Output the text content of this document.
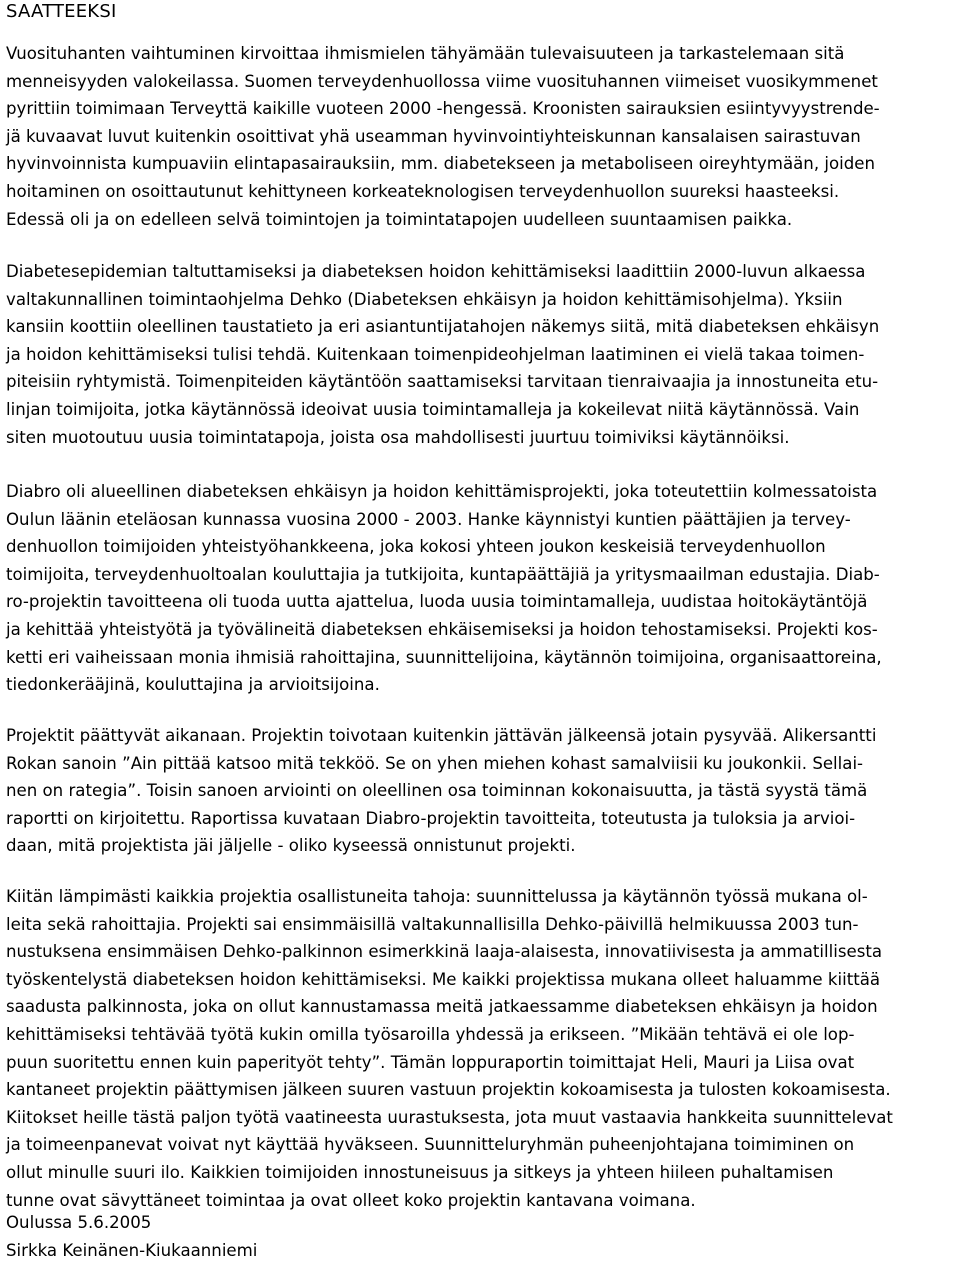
SAATTEEKSI

Vuosituhanten vaihtuminen kirvoittaa ihmismielen tähyämään tulevaisuuteen ja tarkastelemaan sitä
menneisyyden valokeilassa. Suomen terveydenhuollossa viime vuosituhannen viimeiset vuosikymmenet
pyrittiin toimimaan Terveyttä kaikille vuoteen 2000 -hengessä. Kroonisten sairauksien esiintyvyystrende-
jä kuvaavat luvut kuitenkin osoittivat yhä useamman hyvinvointiyhteiskunnan kansalaisen sairastuvan
hyvinvoinnista kumpuaviin elintapasairauksiin, mm. diabetekseen ja metaboliseen oireyhtymään, joiden
hoitaminen on osoittautunut kehittyneen korkeateknologisen terveydenhuollon suureksi haasteeksi.
Edessä oli ja on edelleen selvä toimintojen ja toimintatapojen uudelleen suuntaamisen paikka.

Diabetesepidemian taltuttamiseksi ja diabeteksen hoidon kehittämiseksi laadittiin 2000-luvun alkaessa
valtakunnallinen toimintaohjelma Dehko (Diabeteksen ehkäisyn ja hoidon kehittämisohjelma). Yksiin
kansiin koottiin oleellinen taustatieto ja eri asiantuntijatahojen näkemys siitä, mitä diabeteksen ehkäisyn
ja hoidon kehittämiseksi tulisi tehdä. Kuitenkaan toimenpideohjelman laatiminen ei vielä takaa toimen-
piteisiin ryhtymistä. Toimenpiteiden käytäntöön saattamiseksi tarvitaan tienraivaajia ja innostuneita etu-
linjan toimijoita, jotka käytännössä ideoivat uusia toimintamalleja ja kokeilevat niitä käytännössä. Vain
siten muotoutuu uusia toimintatapoja, joista osa mahdollisesti juurtuu toimiviksi käytännöiksi.

Diabro oli alueellinen diabeteksen ehkäisyn ja hoidon kehittämisprojekti, joka toteutettiin kolmessatoista
Oulun läänin eteläosan kunnassa vuosina 2000 - 2003. Hanke käynnistyi kuntien päättäjien ja tervey-
denhuollon toimijoiden yhteistyöhankkeena, joka kokosi yhteen joukon keskeisiä terveydenhuollon
toimijoita, terveydenhuoltoalan kouluttajia ja tutkijoita, kuntapäättäjiä ja yritysmaailman edustajia. Diab-
ro-projektin tavoitteena oli tuoda uutta ajattelua, luoda uusia toimintamalleja, uudistaa hoitokäytäntöjä
ja kehittää yhteistyötä ja työvälineitä diabeteksen ehkäisemiseksi ja hoidon tehostamiseksi. Projekti kos-
ketti eri vaiheissaan monia ihmisiä rahoittajina, suunnittelijoina, käytännön toimijoina, organisaattoreina,
tiedonkerääjinä, kouluttajina ja arvioitsijoina.

Projektit päättyvät aikanaan. Projektin toivotaan kuitenkin jättävän jälkeensä jotain pysyvää. Alikersantti
Rokan sanoin ”Ain pittää katsoo mitä tekköö. Se on yhen miehen kohast samalviisii ku joukonkii. Sellai-
nen on rategia”. Toisin sanoen arviointi on oleellinen osa toiminnan kokonaisuutta, ja tästä syystä tämä
raportti on kirjoitettu. Raportissa kuvataan Diabro-projektin tavoitteita, toteutusta ja tuloksia ja arvioi-
daan, mitä projektista jäi jäljelle - oliko kyseessä onnistunut projekti.

Kiitän lämpimästi kaikkia projektia osallistuneita tahoja: suunnittelussa ja käytännön työssä mukana ol-
leita sekä rahoittajia. Projekti sai ensimmäisillä valtakunnallisilla Dehko-päivillä helmikuussa 2003 tun-
nustuksena ensimmäisen Dehko-palkinnon esimerkkinä laaja-alaisesta, innovatiivisesta ja ammatillisesta
työskentelystä diabeteksen hoidon kehittämiseksi. Me kaikki projektissa mukana olleet haluamme kiittää
saadusta palkinnosta, joka on ollut kannustamassa meitä jatkaessamme diabeteksen ehkäisyn ja hoidon
kehittämiseksi tehtävää työtä kukin omilla työsaroilla yhdessä ja erikseen. ”Mikään tehtävä ei ole lop-
puun suoritettu ennen kuin paperityöt tehty”. Tämän loppuraportin toimittajat Heli, Mauri ja Liisa ovat
kantaneet projektin päättymisen jälkeen suuren vastuun projektin kokoamisesta ja tulosten kokoamisesta.
Kiitokset heille tästä paljon työtä vaatineesta uurastuksesta, jota muut vastaavia hankkeita suunnittelevat
ja toimeenpanevat voivat nyt käyttää hyväkseen. Suunnitteluryhmän puheenjohtajana toimiminen on
ollut minulle suuri ilo. Kaikkien toimijoiden innostuneisuus ja sitkeys ja yhteen hiileen puhaltamisen
tunne ovat sävyttäneet toimintaa ja ovat olleet koko projektin kantavana voimana.

Oulussa 5.6.2005
Sirkka Keinänen-Kiukaanniemi
